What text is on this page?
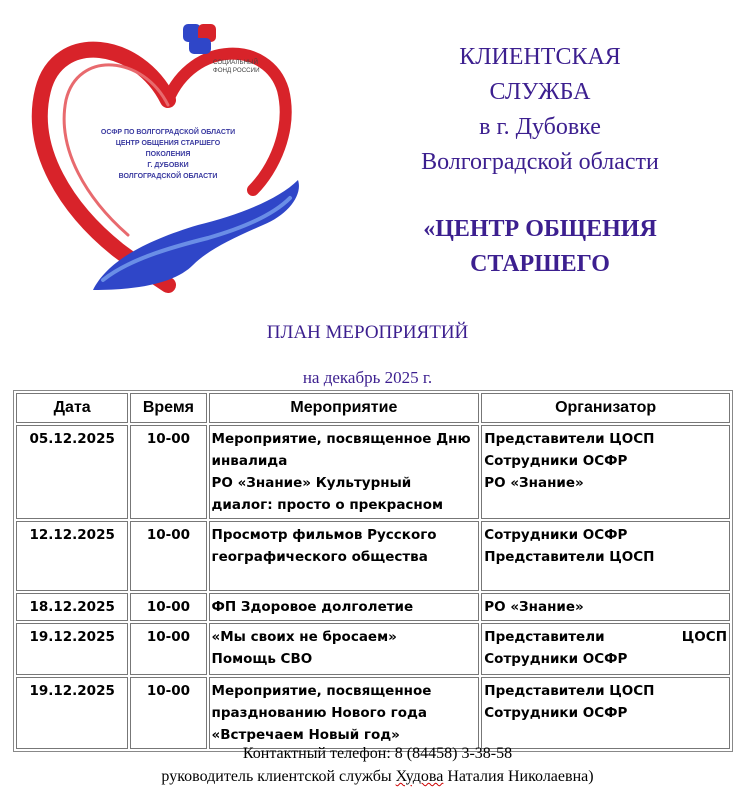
СОЦИАЛЬНЫЙ
ФОНД РОССИИ
ОСФР ПО ВОЛГОГРАДСКОЙ ОБЛАСТИ
ЦЕНТР ОБЩЕНИЯ СТАРШЕГО
ПОКОЛЕНИЯ
Г. ДУБОВКИ
ВОЛГОГРАДСКОЙ ОБЛАСТИ
КЛИЕНТСКАЯ
СЛУЖБА
в г. Дубовке
Волгоградской области
«ЦЕНТР ОБЩЕНИЯ
СТАРШЕГО
ПЛАН МЕРОПРИЯТИЙ
на декабрь 2025 г.
Дата	Время	Мероприятие	Организатор
05.12.2025	10-00	Мероприятие, посвященное Дню
инвалида
РО «Знание» Культурный
диалог: просто о прекрасном	Представители ЦОСП
Сотрудники ОСФР
РО «Знание»

12.12.2025	10-00	Просмотр фильмов Русского
географического общества	Сотрудники ОСФР
Представители ЦОСП

18.12.2025	10-00	ФП Здоровое долголетие	РО «Знание»

19.12.2025	10-00	«Мы своих не бросаем»
Помощь СВО	Представители ЦОСП
Сотрудники ОСФР

19.12.2025	10-00	Мероприятие, посвященное
празднованию Нового года
«Встречаем Новый год»	Представители ЦОСП
Сотрудники ОСФР
Контактный телефон: 8 (84458) 3-38-58
руководитель клиентской службы Худова Наталия Николаевна)
